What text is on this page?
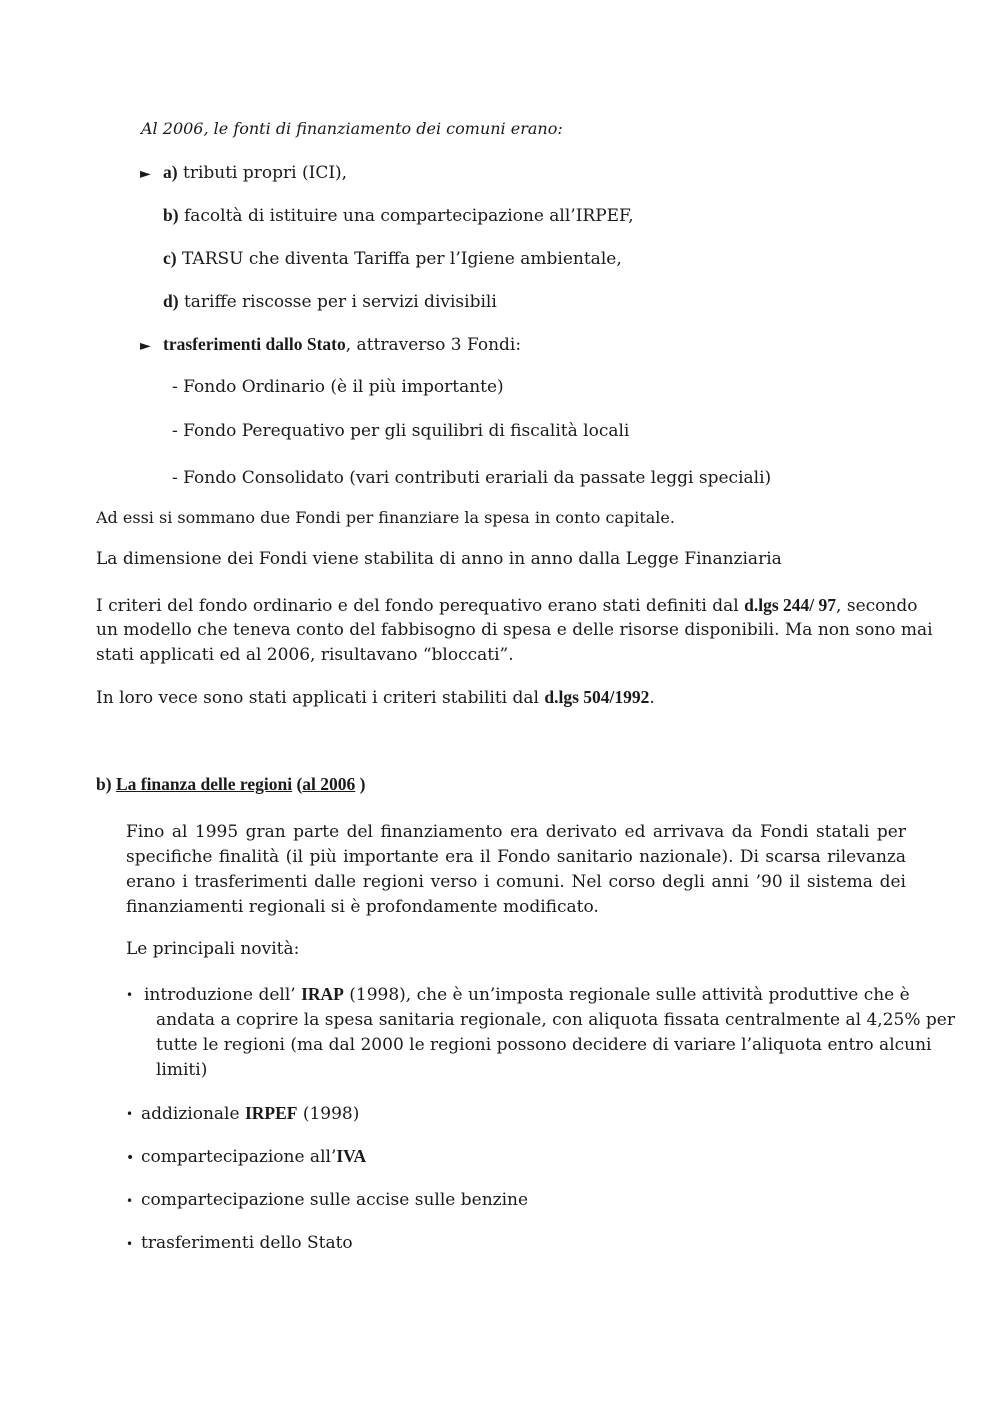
Al 2006, le fonti di finanziamento dei comuni erano:
► a) tributi propri (ICI),
b) facoltà di istituire una compartecipazione all’IRPEF,
c) TARSU che diventa Tariffa per l’Igiene ambientale,
d) tariffe riscosse per i servizi divisibili
► trasferimenti dallo Stato, attraverso 3 Fondi:
- Fondo Ordinario (è il più importante)
- Fondo Perequativo per gli squilibri di fiscalità locali
- Fondo Consolidato (vari contributi erariali da passate leggi speciali)
Ad essi si sommano due Fondi per finanziare la spesa in conto capitale.
La dimensione dei Fondi viene stabilita di anno in anno dalla Legge Finanziaria
I criteri del fondo ordinario e del fondo perequativo erano stati definiti dal d.lgs 244/ 97, secondo
un modello che teneva conto del fabbisogno di spesa e delle risorse disponibili. Ma non sono mai
stati applicati ed al 2006, risultavano “bloccati”.
In loro vece sono stati applicati i criteri stabiliti dal d.lgs 504/1992.
b) La finanza delle regioni (al 2006 )
Fino al 1995 gran parte del finanziamento era derivato ed arrivava da Fondi statali per
specifiche finalità (il più importante era il Fondo sanitario nazionale). Di scarsa rilevanza
erano i trasferimenti dalle regioni verso i comuni. Nel corso degli anni ’90 il sistema dei
finanziamenti regionali si è profondamente modificato.
Le principali novità:
• introduzione dell’ IRAP (1998), che è un’imposta regionale sulle attività produttive che è
andata a coprire la spesa sanitaria regionale, con aliquota fissata centralmente al 4,25% per
tutte le regioni (ma dal 2000 le regioni possono decidere di variare l’aliquota entro alcuni
limiti)
• addizionale IRPEF (1998)
• compartecipazione all’IVA
• compartecipazione sulle accise sulle benzine
• trasferimenti dello Stato
